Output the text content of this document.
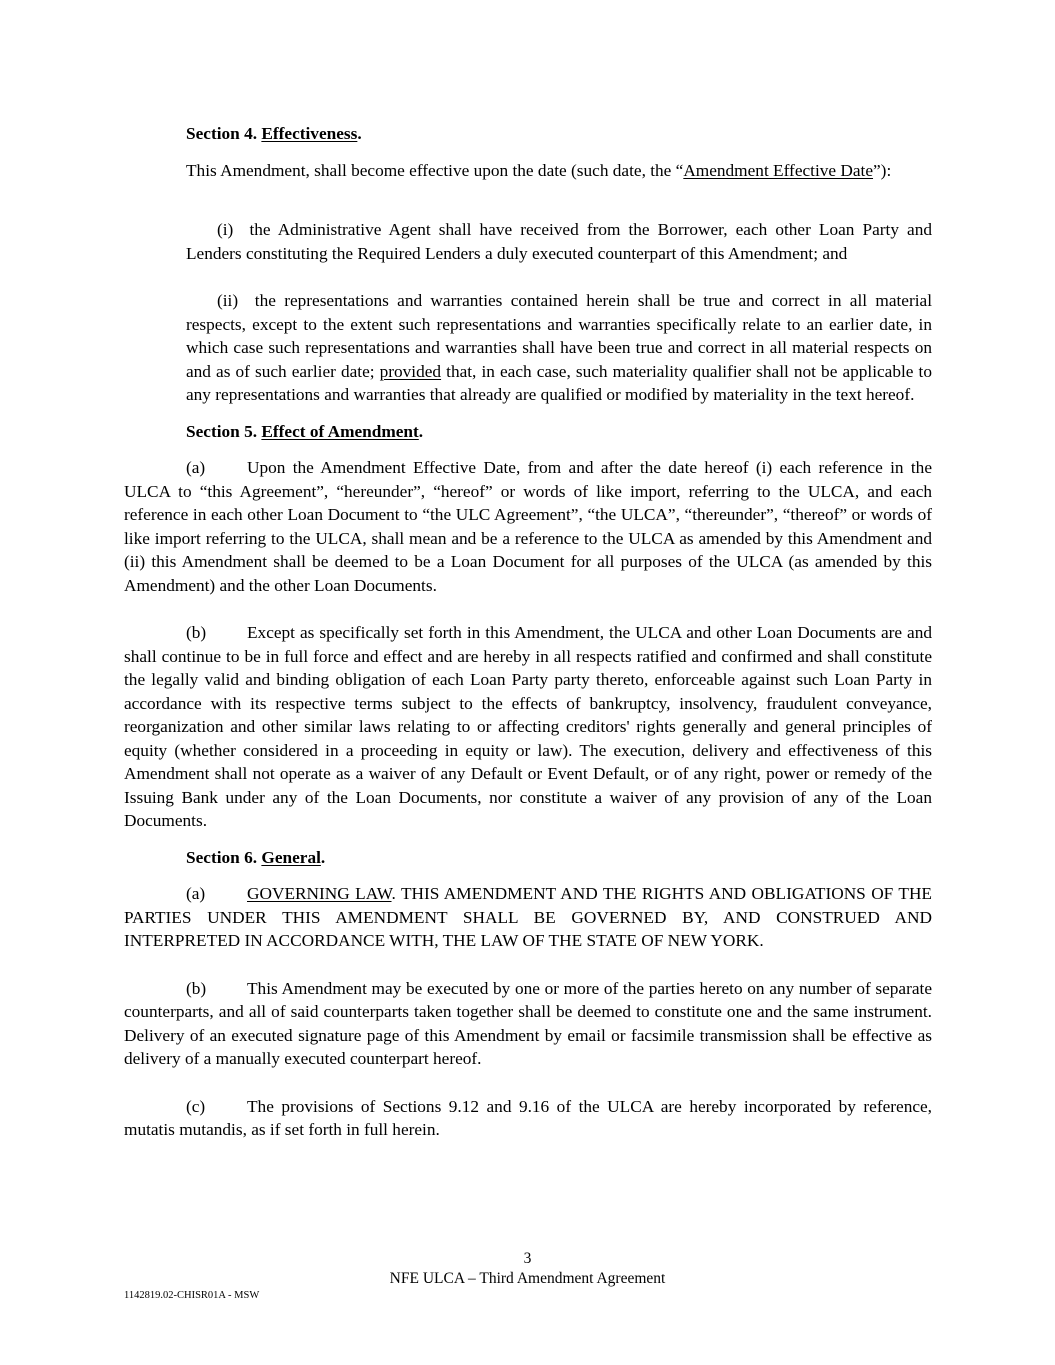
Section 4. Effectiveness.

This Amendment, shall become effective upon the date (such date, the “Amendment Effective Date”):

(i) the Administrative Agent shall have received from the Borrower, each other Loan Party and Lenders constituting the Required Lenders a duly executed counterpart of this Amendment; and

(ii) the representations and warranties contained herein shall be true and correct in all material respects, except to the extent such representations and warranties specifically relate to an earlier date, in which case such representations and warranties shall have been true and correct in all material respects on and as of such earlier date; provided that, in each case, such materiality qualifier shall not be applicable to any representations and warranties that already are qualified or modified by materiality in the text hereof.

Section 5. Effect of Amendment.

(a) Upon the Amendment Effective Date, from and after the date hereof (i) each reference in the ULCA to “this Agreement”, “hereunder”, “hereof” or words of like import, referring to the ULCA, and each reference in each other Loan Document to “the ULC Agreement”, “the ULCA”, “thereunder”, “thereof” or words of like import referring to the ULCA, shall mean and be a reference to the ULCA as amended by this Amendment and (ii) this Amendment shall be deemed to be a Loan Document for all purposes of the ULCA (as amended by this Amendment) and the other Loan Documents.

(b) Except as specifically set forth in this Amendment, the ULCA and other Loan Documents are and shall continue to be in full force and effect and are hereby in all respects ratified and confirmed and shall constitute the legally valid and binding obligation of each Loan Party party thereto, enforceable against such Loan Party in accordance with its respective terms subject to the effects of bankruptcy, insolvency, fraudulent conveyance, reorganization and other similar laws relating to or affecting creditors' rights generally and general principles of equity (whether considered in a proceeding in equity or law). The execution, delivery and effectiveness of this Amendment shall not operate as a waiver of any Default or Event Default, or of any right, power or remedy of the Issuing Bank under any of the Loan Documents, nor constitute a waiver of any provision of any of the Loan Documents.

Section 6. General.

(a) GOVERNING LAW. THIS AMENDMENT AND THE RIGHTS AND OBLIGATIONS OF THE PARTIES UNDER THIS AMENDMENT SHALL BE GOVERNED BY, AND CONSTRUED AND INTERPRETED IN ACCORDANCE WITH, THE LAW OF THE STATE OF NEW YORK.

(b) This Amendment may be executed by one or more of the parties hereto on any number of separate counterparts, and all of said counterparts taken together shall be deemed to constitute one and the same instrument. Delivery of an executed signature page of this Amendment by email or facsimile transmission shall be effective as delivery of a manually executed counterpart hereof.

(c) The provisions of Sections 9.12 and 9.16 of the ULCA are hereby incorporated by reference, mutatis mutandis, as if set forth in full herein.

3
NFE ULCA – Third Amendment Agreement
1142819.02-CHISR01A - MSW
